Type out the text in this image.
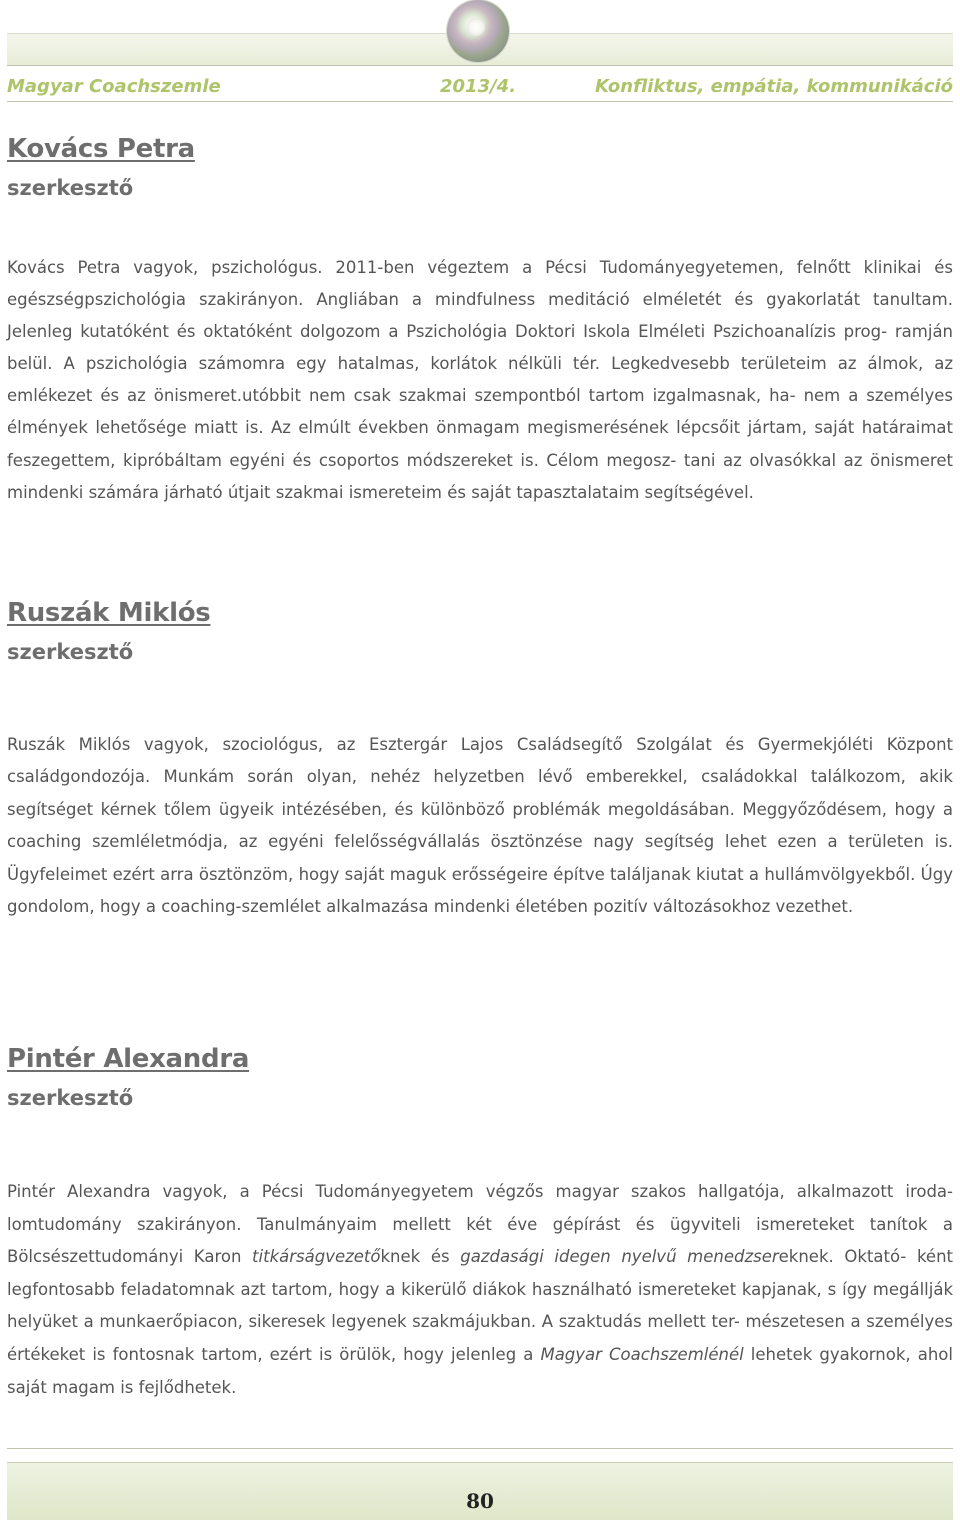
Magyar Coachszemle	2013/4.	Konfliktus, empátia, kommunikáció
Kovács Petra
szerkesztő

Kovács Petra vagyok, pszichológus. 2011-ben végeztem a Pécsi Tudományegyetemen, felnőtt klinikai és egészségpszichológia szakirányon. Angliában a mindfulness meditáció elméletét és gyakorlatát tanultam. Jelenleg kutatóként és oktatóként dolgozom a Pszichológia Doktori Iskola Elméleti Pszichoanalízis prog- ramján belül. A pszichológia számomra egy hatalmas, korlátok nélküli tér. Legkedvesebb területeim az álmok, az emlékezet és az önismeret.utóbbit nem csak szakmai szempontból tartom izgalmasnak, ha- nem a személyes élmények lehetősége miatt is. Az elmúlt években önmagam megismerésének lépcsőit jártam, saját határaimat feszegettem, kipróbáltam egyéni és csoportos módszereket is. Célom megosz- tani az olvasókkal az önismeret mindenki számára járható útjait szakmai ismereteim és saját tapasztalataim segítségével.

Ruszák Miklós
szerkesztő

Ruszák Miklós vagyok, szociológus, az Esztergár Lajos Családsegítő Szolgálat és Gyermekjóléti Központ családgondozója. Munkám során olyan, nehéz helyzetben lévő emberekkel, családokkal találkozom, akik segítséget kérnek tőlem ügyeik intézésében, és különböző problémák megoldásában. Meggyőződésem, hogy a coaching szemléletmódja, az egyéni felelősségvállalás ösztönzése nagy segítség lehet ezen a területen is. Ügyfeleimet ezért arra ösztönzöm, hogy saját maguk erősségeire építve találjanak kiutat a hullámvölgyekből. Úgy gondolom, hogy a coaching-szemlélet alkalmazása mindenki életében pozitív változásokhoz vezethet.

Pintér Alexandra
szerkesztő

Pintér Alexandra vagyok, a Pécsi Tudományegyetem végzős magyar szakos hallgatója, alkalmazott iroda- lomtudomány szakirányon. Tanulmányaim mellett két éve gépírást és ügyviteli ismereteket tanítok a Bölcsészettudományi Karon titkárságvezetőknek és gazdasági idegen nyelvű menedzsereknek. Oktató- ként legfontosabb feladatomnak azt tartom, hogy a kikerülő diákok használható ismereteket kapjanak, s így megállják helyüket a munkaerőpiacon, sikeresek legyenek szakmájukban. A szaktudás mellett ter- mészetesen a személyes értékeket is fontosnak tartom, ezért is örülök, hogy jelenleg a Magyar Coachszemlénél lehetek gyakornok, ahol saját magam is fejlődhetek.

80
